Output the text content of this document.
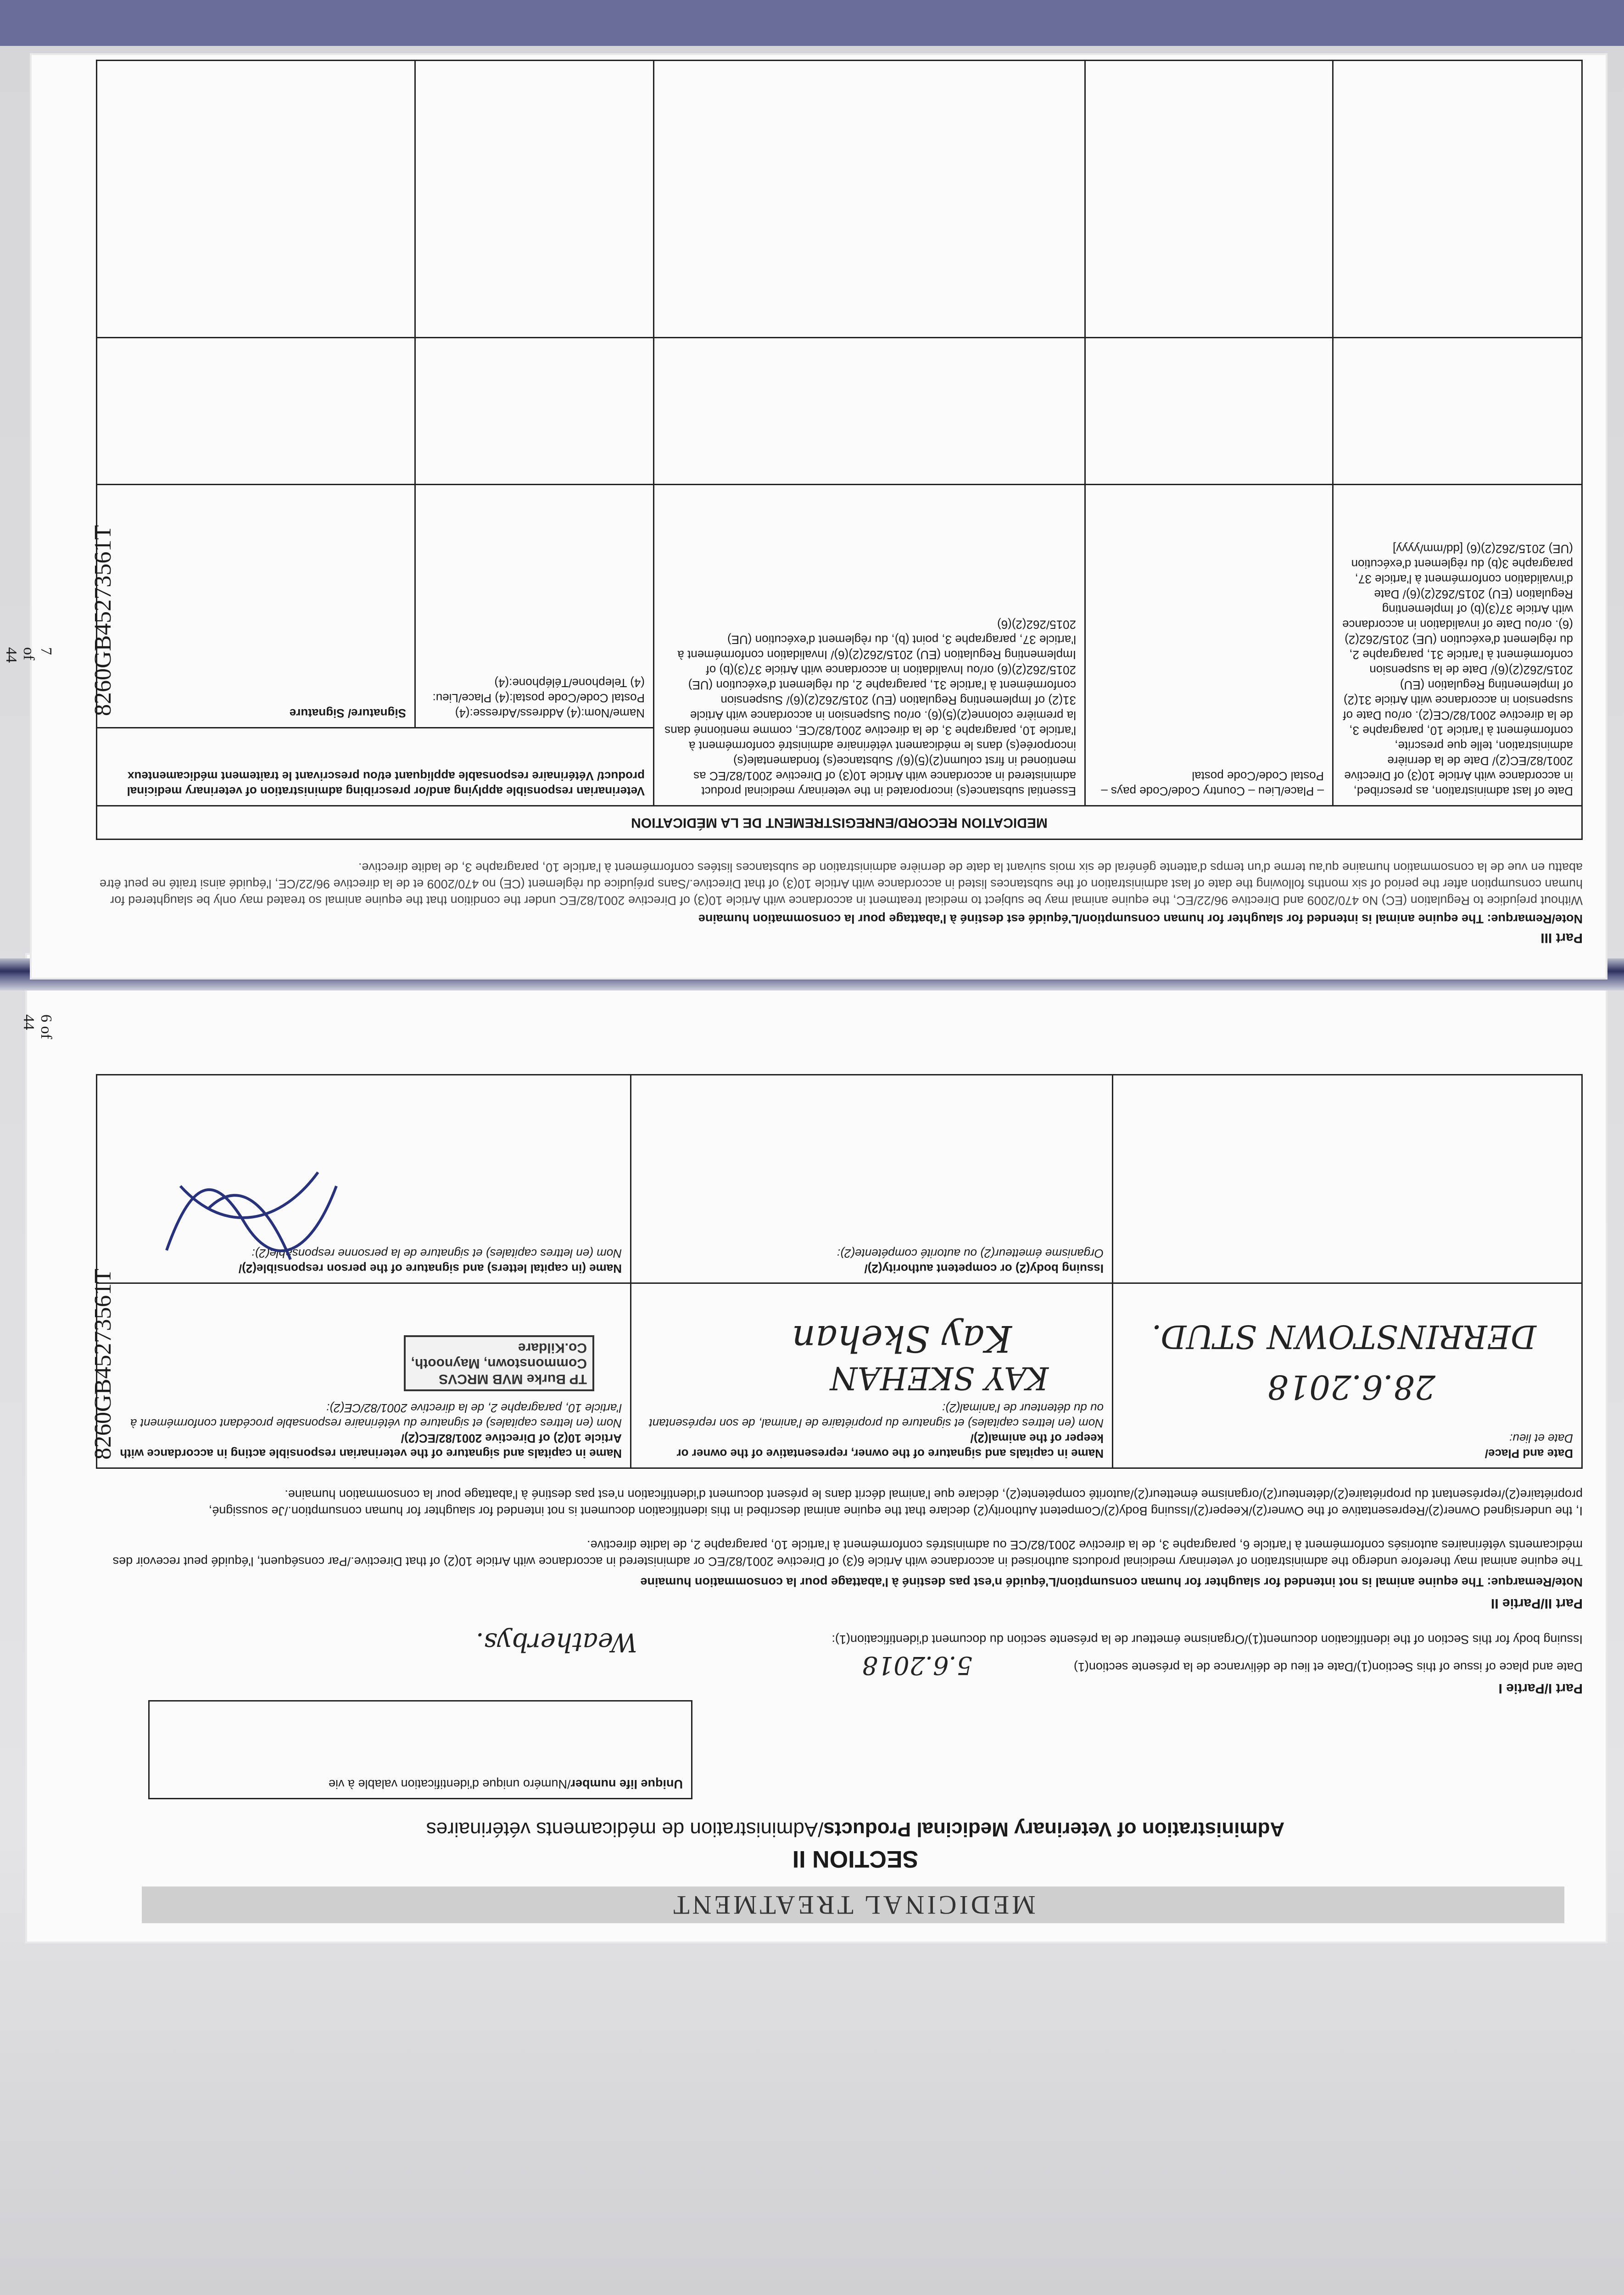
MEDICINAL TREATMENT
SECTION II
Administration of Veterinary Medicinal Products/Administration de médicaments vétérinaires
Unique life number/Numéro unique d'identification valable à vie
Part I/Partie I
Date and place of issue of this Section(1)/Date et lieu de délivrance de la présente section(1)
5.6.2018
Issuing body for this Section of the identification document(1)/Organisme émetteur de la présente section du document d'identification(1):
Weatherbys.
Part II/Partie II
Note/Remarque: The equine animal is not intended for slaughter for human consumption/L'équidé n'est pas destiné à l'abattage pour la consommation humaine
The equine animal may therefore undergo the administration of veterinary medicinal products authorised in accordance with Article 6(3) of Directive 2001/82/EC or administered in accordance with Article 10(2) of that Directive./Par conséquent, l'équidé peut recevoir des médicaments vétérinaires autorisés conformément à l'article 6, paragraphe 3, de la directive 2001/82/CE ou administrés conformément à l'article 10, paragraphe 2, de ladite directive.
I, the undersigned Owner(2)/Representative of the Owner(2)/Keeper(2)/Issuing Body(2)/Competent Authority(2) declare that the equine animal described in this identification document is not intended for slaughter for human consumption./Je soussigné, propriétaire(2)/représentant du propriétaire(2)/détenteur(2)/organisme émetteur(2)/autorité compétente(2), déclare que l'animal décrit dans le présent document d'identification n'est pas destiné à l'abattage pour la consommation humaine.
Date and Place/
Date et lieu:
28.6.2018
DERRINSTOWN STUD.
Name in capitals and signature of the owner, representative of the owner or keeper of the animal(2)/
Nom (en lettres capitales) et signature du propriétaire de l'animal, de son représentant ou du détenteur de l'animal(2):
KAY SKEHAN
Kay Skehan
Name in capitals and signature of the veterinarian responsible acting in accordance with Article 10(2) of Directive 2001/82/EC(2)/
Nom (en lettres capitales) et signature du vétérinaire responsable procédant conformément à l'article 10, paragraphe 2, de la directive 2001/82/CE(2):
TP Burke MVB MRCVS
Commonstown, Maynooth,
Co.Kildare
Issuing body(2) or competent authority(2)/
Organisme émetteur(2) ou autorité compétente(2):
Name (in capital letters) and signature of the person responsible(2)/
Nom (en lettres capitales) et signature de la personne responsable(2):
6 of 44
Part III
Note/Remarque: The equine animal is intended for slaughter for human consumption/L'équidé est destiné à l'abattage pour la consommation humaine
Without prejudice to Regulation (EC) No 470/2009 and Directive 96/22/EC, the equine animal may be subject to medical treatment in accordance with Article 10(3) of Directive 2001/82/EC under the condition that the equine animal so treated may only be slaughtered for human consumption after the period of six months following the date of last administration of the substances listed in accordance with Article 10(3) of that Directive./Sans préjudice du règlement (CE) no 470/2009 et de la directive 96/22/CE, l'équidé ainsi traité ne peut être abattu en vue de la consommation humaine qu'au terme d'un temps d'attente général de six mois suivant la date de dernière administration de substances listées conformément à l'article 10, paragraphe 3, de ladite directive.
MEDICATION RECORD/ENREGISTREMENT DE LA MÉDICATION
Date of last administration, as prescribed, in accordance with Article 10(3) of Directive 2001/82/EC(2)/ Date de la dernière administration, telle que prescrite, conformément à l'article 10, paragraphe 3, de la directive 2001/82/CE(2). or/ou Date of suspension in accordance with Article 31(2) of Implementing Regulation (EU) 2015/262(2)(6)/ Date de la suspension conformément à l'article 31, paragraphe 2, du règlement d'exécution (UE) 2015/262(2)(6). or/ou Date of invalidation in accordance with Article 37(3)(b) of Implementing Regulation (EU) 2015/262(2)(6)/ Date d'invalidation conformément à l'article 37, paragraphe 3(b) du règlement d'exécution (UE) 2015/262(2)(6) [dd/mm/yyyy]
– Place/Lieu – Country Code/Code pays – Postal Code/Code postal
Essential substance(s) incorporated in the veterinary medicinal product administered in accordance with Article 10(3) of Directive 2001/82/EC as mentioned in first column(2)(5)(6)/ Substance(s) fondamentale(s) incorporée(s) dans le médicament vétérinaire administré conformément à l'article 10, paragraphe 3, de la directive 2001/82/CE, comme mentionné dans la première colonne(2)(5)(6). or/ou Suspension in accordance with Article 31(2) of Implementing Regulation (EU) 2015/262(2)(6)/ Suspension conformément à l'article 31, paragraphe 2, du règlement d'exécution (UE) 2015/262(2)(6) or/ou Invalidation in accordance with Article 37(3)(b) of Implementing Regulation (EU) 2015/262(2)(6)/ Invalidation conformément à l'article 37, paragraphe 3, point (b), du règlement d'exécution (UE) 2015/262(2)(6)
Veterinarian responsible applying and/or prescribing administration of veterinary medicinal product/ Vétérinaire responsable appliquant et/ou prescrivant le traitement médicamenteux
Name/Nom:(4) Address/Adresse:(4) Postal Code/Code postal:(4) Place/Lieu:(4) Telephone/Téléphone:(4)
Signature/ Signature
7 of 44
8260GB45273561T
8260GB45273561T
